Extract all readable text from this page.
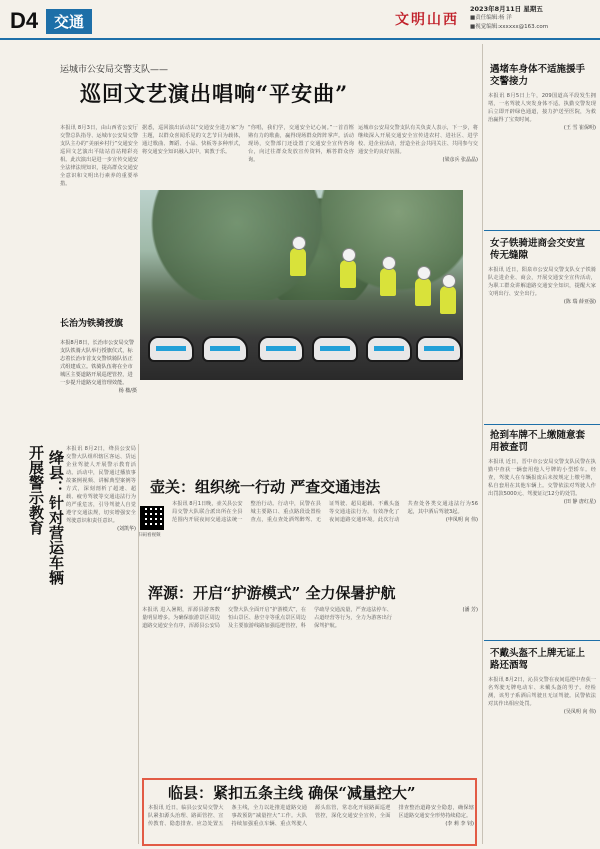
D4	交通	文明山西
2023年8月11日 星期五
■责任编辑:杨 洋
■视觉编辑:xxxxxx@163.com
运城市公安局交警支队——
巡回文艺演出唱响“平安曲”
本报讯 8月3日，由山西省公安厅交警总队指导、运城市公安局交警支队主办的“美丽乡村行”交通安全巡回文艺演出平陆站首站精彩亮相。此次演出是进一步宣传交通安全法律法规知识，提高群众交通安全意识和文明出行素养的重要举措。
据悉，巡回演出活动以“交通安全进万家”为主题，以群众喜闻乐见的文艺节目为载体，通过歌曲、舞蹈、小品、快板等多种形式，将交通安全知识融入其中，寓教于乐。
“你唱，我们学，交通安全记心间。”一首首铿锵有力的歌曲，赢得现场群众阵阵掌声。活动现场，交警部门还设置了交通安全宣传咨询台，向过往群众发放宣传资料，解答群众咨询。
运城市公安局交警支队有关负责人表示，下一步，将继续深入开展交通安全宣传进农村、进社区、进学校、进企业活动，营造全社会共同关注、共同参与交通安全的良好氛围。
(梁彦兵 张晶晶)
长治为铁骑授旗
本报8月8日，长治市公安局交警支队铁骑大队举行授旗仪式，标志着长治市首支交警铁骑队伍正式组建成立。铁骑队伍将在全市城区主要道路开展巡逻管控，进一步提升道路交通管理效能。
杨 楹/摄
绛县：针对营运车辆
开展警示教育	本报讯 8月2日，绛县公安局交警大队组织辖区客运、货运企业驾驶人开展警示教育活动。活动中，民警通过播放事故案例视频、讲解典型案例等方式，深刻剖析了超速、超载、疲劳驾驶等交通违法行为的严重危害，引导驾驶人自觉遵守交通法规，切实增强安全驾驶意识和责任意识。
(刘凯华)
壶关：组织统一行动 严查交通违法
扫码看视频
本报讯 8月1日晚，壶关县公安局交警大队联合派出所在全县范围内开展夜间交通违法统一整治行动。行动中，民警在县城主要路口、重点路段设置检查点，重点查处酒驾醉驾、无证驾驶、超员超载、不戴头盔等交通违法行为，有效净化了夜间道路交通环境。此次行动共查处各类交通违法行为56起，其中酒后驾驶3起。
(申凤明 向 伟)
浑源：开启“护游模式” 全力保暑护航
本报讯 进入暑期，浑源县游客数量明显增多。为确保旅游景区周边道路交通安全有序，浑源县公安局交警大队全面开启“护游模式”，在恒山景区、悬空寺等重点景区周边及主要旅游线路加强巡逻管控，科学疏导交通流量，严查违法停车、占道经营等行为，全力为游客出行保驾护航。
(潘 芳)
临县：紧扣五条主线 确保“减量控大”
本报讯 近日，临县公安局交警大队紧扣源头治理、路面管控、宣传教育、隐患排查、应急处置五条主线，全力以赴推进道路交通事故预防“减量控大”工作。大队持续加强重点车辆、重点驾驶人源头监管，常态化开展路面巡逻管控，深化交通安全宣传，全面排查整治道路安全隐患，确保辖区道路交通安全形势持续稳定。
(李 莉 李 钊)
遇堵车身体不适施援手交警接力
本报讯 8月5日上午，209国道高平段发生拥堵，一名驾驶人突发身体不适。执勤交警发现后立即开辟绿色通道，接力护送至医院，为救治赢得了宝贵时间。
(王 雪 崔保明)
女子铁骑进商会交安宣传无缝隙
本报讯 近日，阳泉市公安局交警支队女子铁骑队走进企业、商会，开展交通安全宣传活动，为职工群众讲解道路交通安全知识，提醒大家文明出行、安全出行。
(陈 瑞 薛亚强)
抢到车牌不上缴随意套用被查罚
本报讯 近日，晋中市公安局交警支队民警在执勤中查获一辆套用他人号牌的小型轿车。经查，驾驶人在车辆报废后未按规定上缴号牌，私自套用在其他车辆上。交警依法对驾驶人作出罚款5000元、驾驶证记12分的处罚。
(田 静 唐红星)
不戴头盔不上牌无证上路还酒驾
本报讯 8月2日，沁县交警在夜间巡逻中查获一名驾驶无牌电动车、未戴头盔的男子。经检测，该男子系酒后驾驶且无证驾驶。民警依法对其作出相应处罚。
(吴凤明 向 伟)
